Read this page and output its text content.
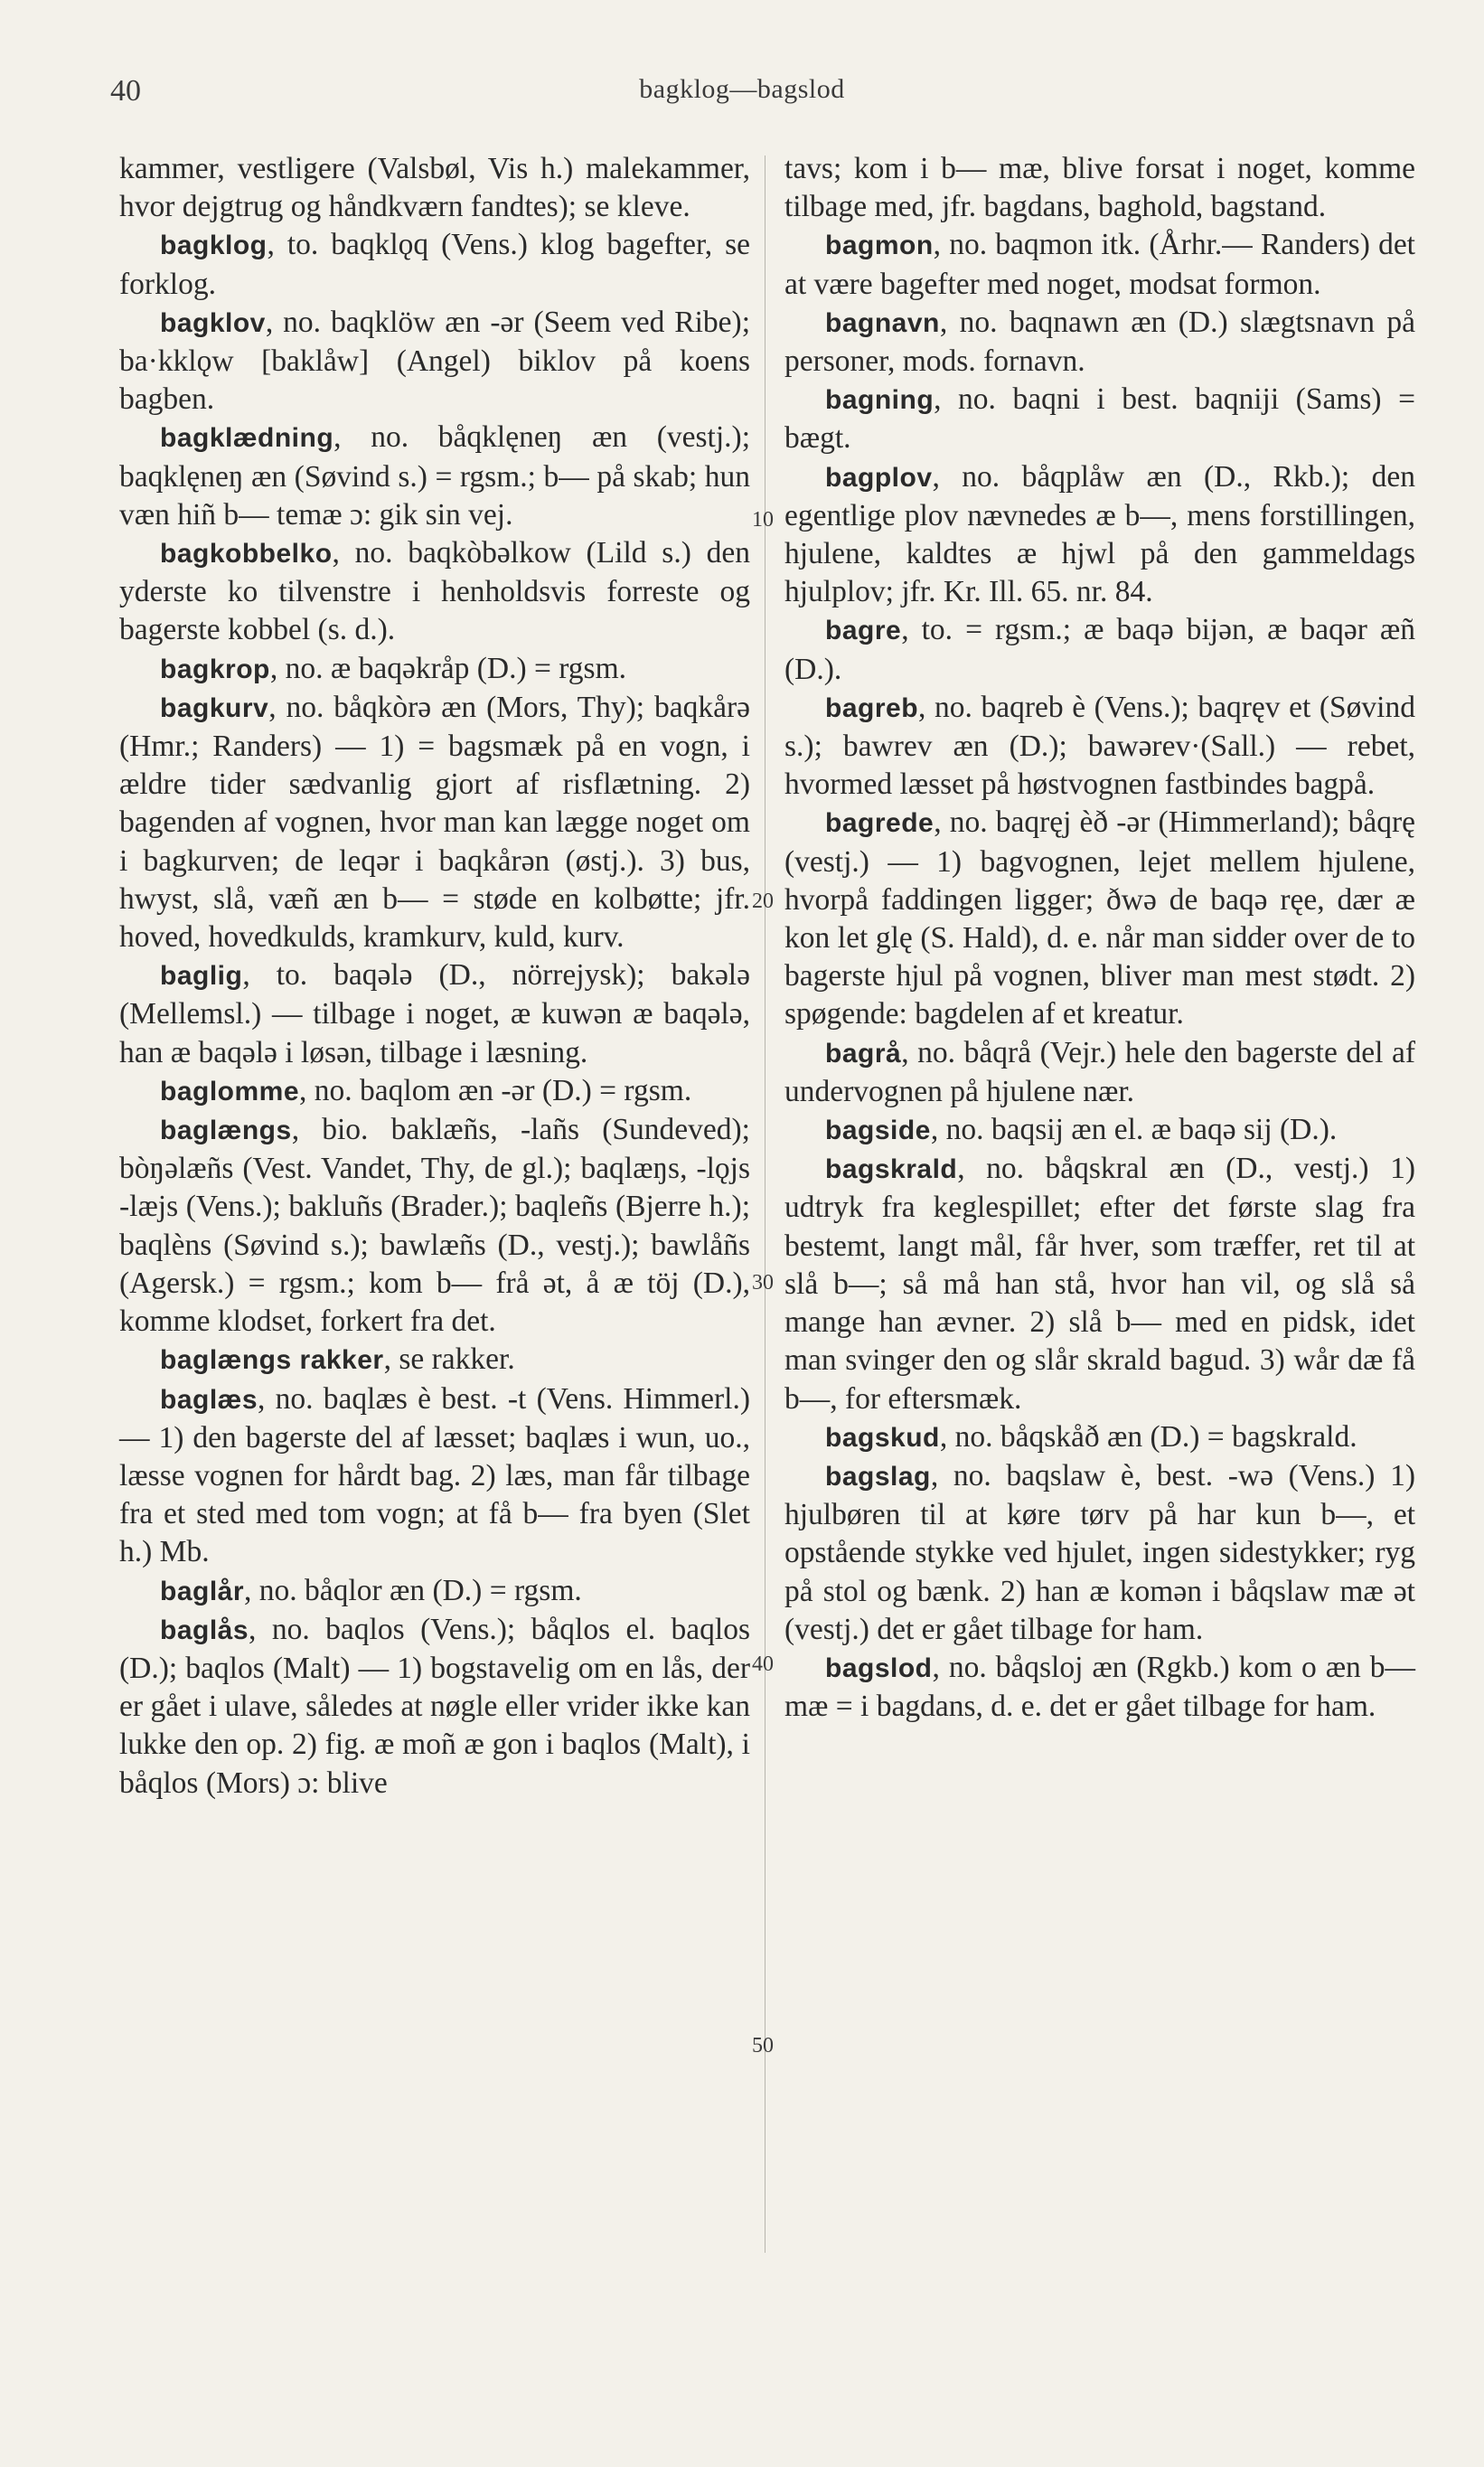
40	bagklog—bagslod
10
20
30
40
50

kammer, vestligere (Valsbøl, Vis h.) malekammer, hvor dejgtrug og håndkværn fandtes); se kleve.

bagklog, to. baqklǫq (Vens.) klog bagefter, se forklog.

bagklov, no. baqklöw æn -ər (Seem ved Ribe); ba·kklǫw [baklåw] (Angel) biklov på koens bagben.

bagklædning, no. båqklęneŋ æn (vestj.); baqklęneŋ æn (Søvind s.) = rgsm.; b— på skab; hun væn hiñ b— temæ ɔ: gik sin vej.

bagkobbelko, no. baqkòbəlkow (Lild s.) den yderste ko tilvenstre i henholdsvis forreste og bagerste kobbel (s. d.).

bagkrop, no. æ baqəkråp (D.) = rgsm.

bagkurv, no. båqkòrə æn (Mors, Thy); baqkårə (Hmr.; Randers) — 1) = bagsmæk på en vogn, i ældre tider sædvanlig gjort af risflætning. 2) bagenden af vognen, hvor man kan lægge noget om i bagkurven; de leqər i baqkårən (østj.). 3) bus, hwyst, slå, væñ æn b— = støde en kolbøtte; jfr. hoved, hovedkulds, kramkurv, kuld, kurv.

baglig, to. baqələ (D., nörrejysk); bakələ (Mellemsl.) — tilbage i noget, æ kuwən æ baqələ, han æ baqələ i løsən, tilbage i læsning.

baglomme, no. baqlom æn -ər (D.) = rgsm.

baglængs, bio. baklæñs, -lañs (Sundeved); bòŋəlæñs (Vest. Vandet, Thy, de gl.); baqlæŋs, -lǫjs -læjs (Vens.); bakluñs (Brader.); baqleñs (Bjerre h.); baqlèns (Søvind s.); bawlæñs (D., vestj.); bawlåñs (Agersk.) = rgsm.; kom b— frå ət, å æ töj (D.), komme klodset, forkert fra det.

baglængs rakker, se rakker.

baglæs, no. baqlæs è best. -t (Vens. Himmerl.) — 1) den bagerste del af læsset; baqlæs i wun, uo., læsse vognen for hårdt bag. 2) læs, man får tilbage fra et sted med tom vogn; at få b— fra byen (Slet h.) Mb.

baglår, no. båqlor æn (D.) = rgsm.

baglås, no. baqlos (Vens.); båqlos el. baqlos (D.); baqlos (Malt) — 1) bogstavelig om en lås, der er gået i ulave, således at nøgle eller vrider ikke kan lukke den op. 2) fig. æ moñ æ gon i baqlos (Malt), i båqlos (Mors) ɔ: blive

tavs; kom i b— mæ, blive forsat i noget, komme tilbage med, jfr. bagdans, baghold, bagstand.

bagmon, no. baqmon itk. (Århr.— Randers) det at være bagefter med noget, modsat formon.

bagnavn, no. baqnawn æn (D.) slægtsnavn på personer, mods. fornavn.

bagning, no. baqni i best. baqniji (Sams) = bægt.

bagplov, no. båqplåw æn (D., Rkb.); den egentlige plov nævnedes æ b—, mens forstillingen, hjulene, kaldtes æ hjwl på den gammeldags hjulplov; jfr. Kr. Ill. 65. nr. 84.

bagre, to. = rgsm.; æ baqə bijən, æ baqər æñ (D.).

bagreb, no. baqreb è (Vens.); baqręv et (Søvind s.); bawrev æn (D.); bawərev·(Sall.) — rebet, hvormed læsset på høstvognen fastbindes bagpå.

bagrede, no. baqręj èð -ər (Himmerland); båqrę (vestj.) — 1) bagvognen, lejet mellem hjulene, hvorpå faddingen ligger; ðwə de baqə ręe, dær æ kon let glę (S. Hald), d. e. når man sidder over de to bagerste hjul på vognen, bliver man mest stødt. 2) spøgende: bagdelen af et kreatur.

bagrå, no. båqrå (Vejr.) hele den bagerste del af undervognen på hjulene nær.

bagside, no. baqsij æn el. æ baqə sij (D.).

bagskrald, no. båqskral æn (D., vestj.) 1) udtryk fra keglespillet; efter det første slag fra bestemt, langt mål, får hver, som træffer, ret til at slå b—; så må han stå, hvor han vil, og slå så mange han ævner. 2) slå b— med en pidsk, idet man svinger den og slår skrald bagud. 3) wår dæ få b—, for eftersmæk.

bagskud, no. båqskåð æn (D.) = bagskrald.

bagslag, no. baqslaw è, best. -wə (Vens.) 1) hjulbøren til at køre tørv på har kun b—, et opstående stykke ved hjulet, ingen sidestykker; ryg på stol og bænk. 2) han æ komən i båqslaw mæ ət (vestj.) det er gået tilbage for ham.

bagslod, no. båqsloj æn (Rgkb.) kom o æn b— mæ = i bagdans, d. e. det er gået tilbage for ham.
